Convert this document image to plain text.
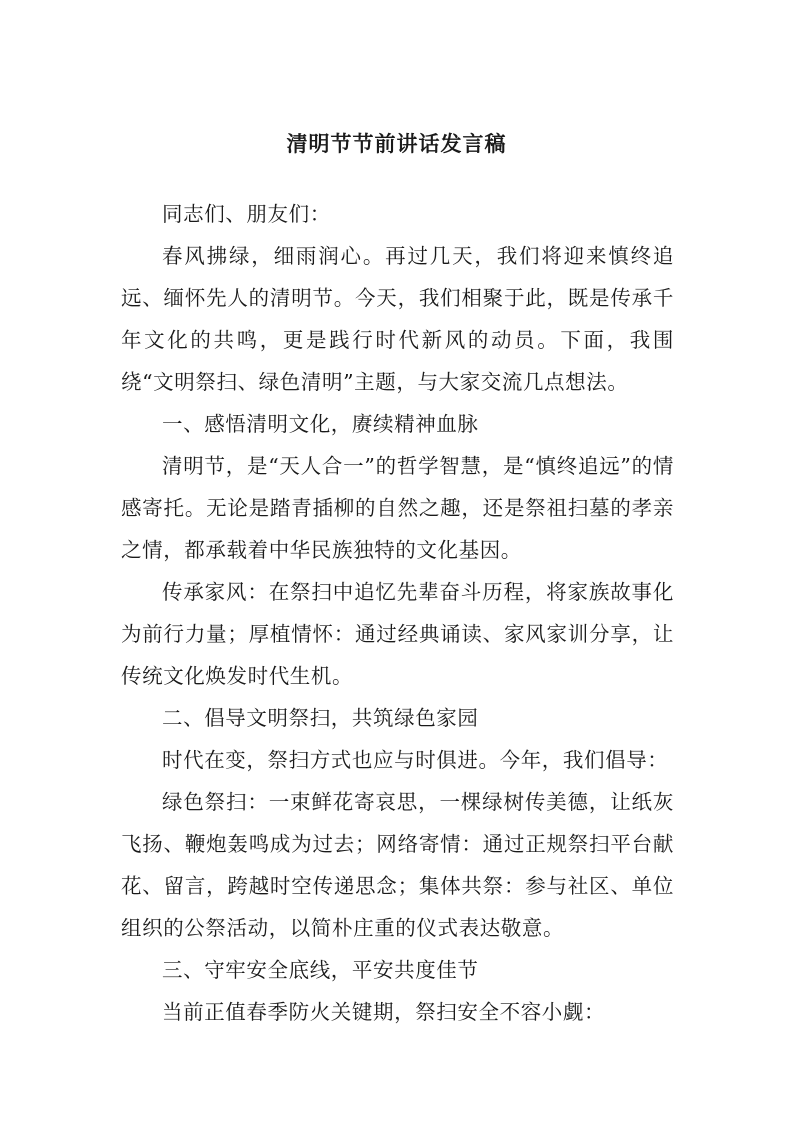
清明节节前讲话发言稿

同志们、朋友们：

春风拂绿，细雨润心。再过几天，我们将迎来慎终追远、缅怀先人的清明节。今天，我们相聚于此，既是传承千年文化的共鸣，更是践行时代新风的动员。下面，我围绕“文明祭扫、绿色清明”主题，与大家交流几点想法。

一、感悟清明文化，赓续精神血脉

清明节，是“天人合一”的哲学智慧，是“慎终追远”的情感寄托。无论是踏青插柳的自然之趣，还是祭祖扫墓的孝亲之情，都承载着中华民族独特的文化基因。

传承家风：在祭扫中追忆先辈奋斗历程，将家族故事化为前行力量；厚植情怀：通过经典诵读、家风家训分享，让传统文化焕发时代生机。

二、倡导文明祭扫，共筑绿色家园

时代在变，祭扫方式也应与时俱进。今年，我们倡导：

绿色祭扫：一束鲜花寄哀思，一棵绿树传美德，让纸灰飞扬、鞭炮轰鸣成为过去；网络寄情：通过正规祭扫平台献花、留言，跨越时空传递思念；集体共祭：参与社区、单位组织的公祭活动，以简朴庄重的仪式表达敬意。

三、守牢安全底线，平安共度佳节

当前正值春季防火关键期，祭扫安全不容小觑：
